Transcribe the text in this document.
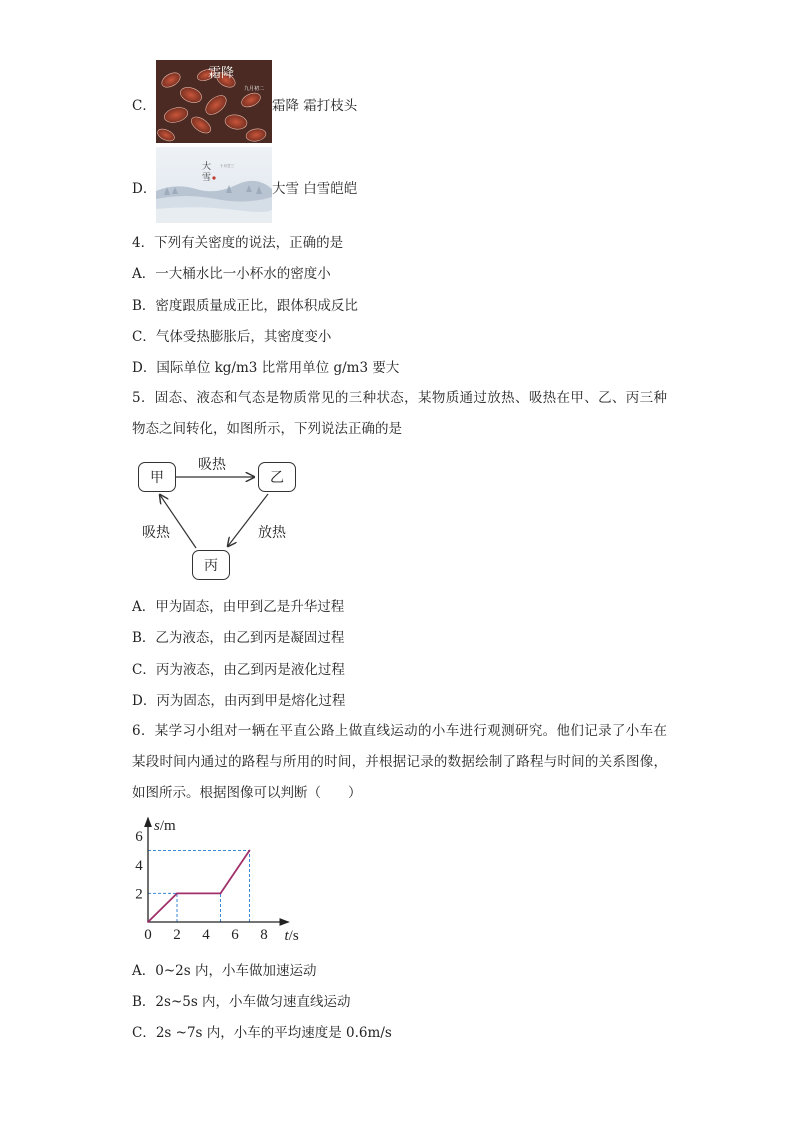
C．
霜降
九月初二
霜降 霜打枝头
D．
大
雪
十月廿三
大雪 白雪皑皑
4．下列有关密度的说法，正确的是
A．一大桶水比一小杯水的密度小
B．密度跟质量成正比，跟体积成反比
C．气体受热膨胀后，其密度变小
D．国际单位 kg/m3 比常用单位 g/m3 要大
5．固态、液态和气态是物质常见的三种状态，某物质通过放热、吸热在甲、乙、丙三种物态之间转化，如图所示，下列说法正确的是
甲	乙
丙
吸热
放热
吸热
A．甲为固态，由甲到乙是升华过程
B．乙为液态，由乙到丙是凝固过程
C．丙为液态，由乙到丙是液化过程
D．丙为固态，由丙到甲是熔化过程
6．某学习小组对一辆在平直公路上做直线运动的小车进行观测研究。他们记录了小车在某段时间内通过的路程与所用的时间，并根据记录的数据绘制了路程与时间的关系图像，如图所示。根据图像可以判断（　　）
0 2 4 6 8
2
4
6
t/s
s/m
A．0~2s 内，小车做加速运动
B．2s~5s 内，小车做匀速直线运动
C．2s ~7s 内，小车的平均速度是 0.6m/s
